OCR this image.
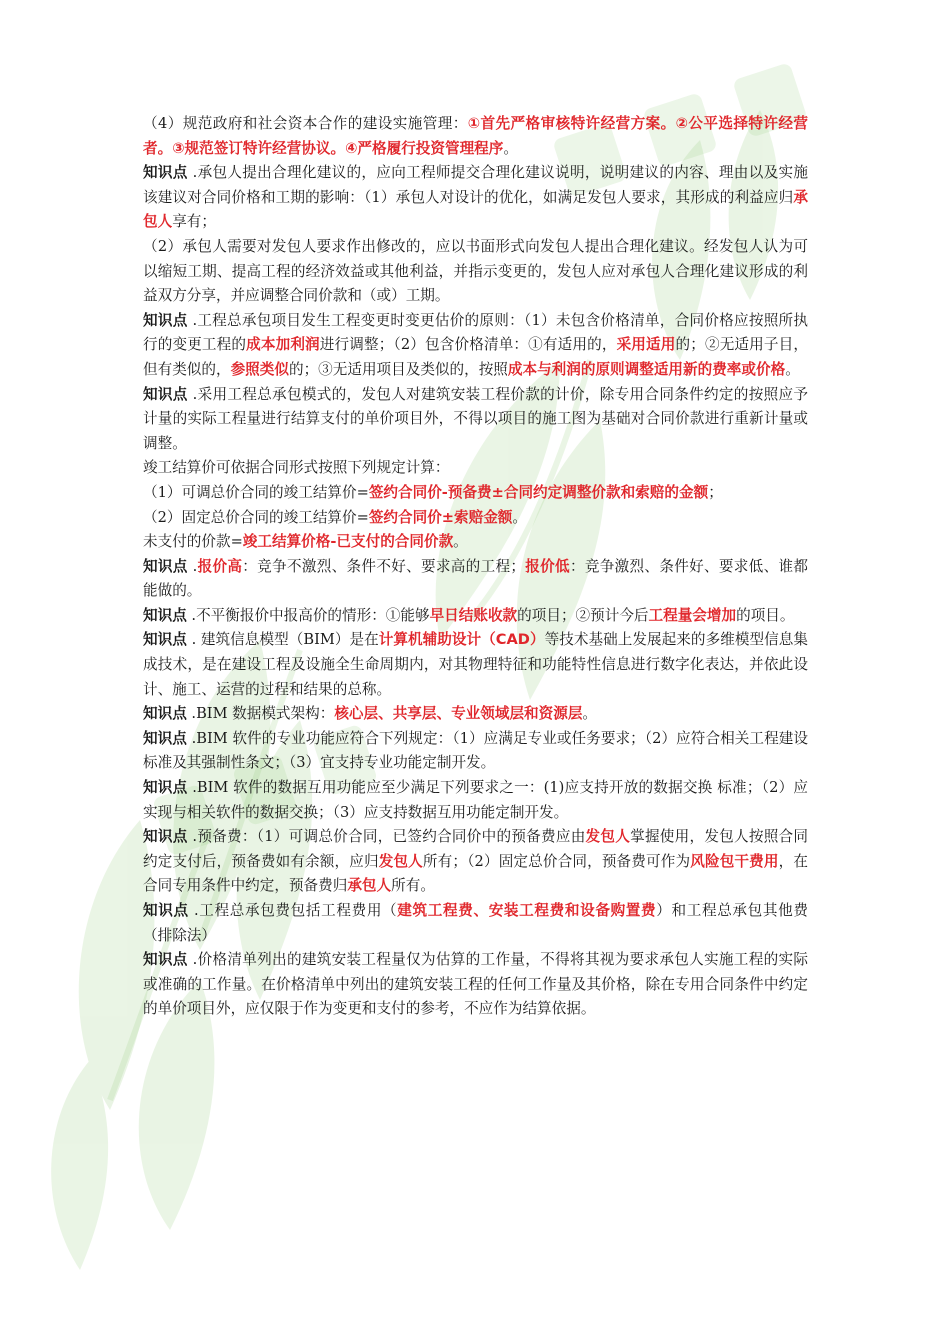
（4）规范政府和社会资本合作的建设实施管理：①首先严格审核特许经营方案。②公平选择特许经营者。③规范签订特许经营协议。④严格履行投资管理程序。

知识点 .承包人提出合理化建议的，应向工程师提交合理化建议说明，说明建议的内容、理由以及实施该建议对合同价格和工期的影响：（1）承包人对设计的优化，如满足发包人要求，其形成的利益应归承包人享有；

（2）承包人需要对发包人要求作出修改的，应以书面形式向发包人提出合理化建议。经发包人认为可以缩短工期、提高工程的经济效益或其他利益，并指示变更的，发包人应对承包人合理化建议形成的利益双方分享，并应调整合同价款和（或）工期。

知识点 .工程总承包项目发生工程变更时变更估价的原则：（1）未包含价格清单，合同价格应按照所执行的变更工程的成本加利润进行调整；（2）包含价格清单：①有适用的，采用适用的；②无适用子目，但有类似的，参照类似的；③无适用项目及类似的，按照成本与利润的原则调整适用新的费率或价格。

知识点 .采用工程总承包模式的，发包人对建筑安装工程价款的计价，除专用合同条件约定的按照应予计量的实际工程量进行结算支付的单价项目外，不得以项目的施工图为基础对合同价款进行重新计量或调整。

竣工结算价可依据合同形式按照下列规定计算：

（1）可调总价合同的竣工结算价=签约合同价-预备费±合同约定调整价款和索赔的金额；

（2）固定总价合同的竣工结算价=签约合同价±索赔金额。

未支付的价款=竣工结算价格-已支付的合同价款。

知识点 .报价高：竞争不激烈、条件不好、要求高的工程；报价低：竞争激烈、条件好、要求低、谁都能做的。

知识点 .不平衡报价中报高价的情形：①能够早日结账收款的项目；②预计今后工程量会增加的项目。

知识点 . 建筑信息模型（BIM）是在计算机辅助设计（CAD）等技术基础上发展起来的多维模型信息集成技术，是在建设工程及设施全生命周期内，对其物理特征和功能特性信息进行数字化表达，并依此设计、施工、运营的过程和结果的总称。

知识点 .BIM 数据模式架构：核心层、共享层、专业领域层和资源层。

知识点 .BIM 软件的专业功能应符合下列规定：（1）应满足专业或任务要求；（2）应符合相关工程建设标准及其强制性条文；（3）宜支持专业功能定制开发。

知识点 .BIM 软件的数据互用功能应至少满足下列要求之一：(1)应支持开放的数据交换 标准；（2）应实现与相关软件的数据交换；（3）应支持数据互用功能定制开发。

知识点 .预备费：（1）可调总价合同，已签约合同价中的预备费应由发包人掌握使用，发包人按照合同约定支付后，预备费如有余额，应归发包人所有；（2）固定总价合同，预备费可作为风险包干费用，在合同专用条件中约定，预备费归承包人所有。

知识点 .工程总承包费包括工程费用（建筑工程费、安装工程费和设备购置费）和工程总承包其他费（排除法）

知识点 .价格清单列出的建筑安装工程量仅为估算的工作量，不得将其视为要求承包人实施工程的实际或准确的工作量。在价格清单中列出的建筑安装工程的任何工作量及其价格，除在专用合同条件中约定的单价项目外，应仅限于作为变更和支付的参考，不应作为结算依据。
